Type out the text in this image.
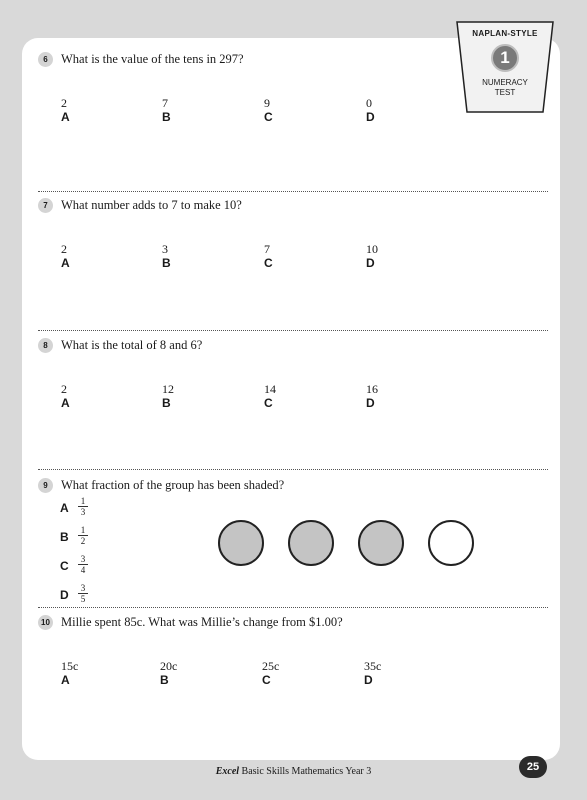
NAPLAN-STYLE
1
NUMERACY
TEST
6	What is the value of the tens in 297?
2
A
7
B
9
C
0
D
7	What number adds to 7 to make 10?
2
A
3
B
7
C
10
D
8	What is the total of 8 and 6?
2
A
12
B
14
C
16
D
9	What fraction of the group has been shaded?
A $\frac{1}{3}$
B $\frac{1}{2}$
C $\frac{3}{4}$
D $\frac{3}{5}$
10 Millie spent 85c. What was Millie’s change from $1.00?
15c
A
20c
B
25c
C
35c
D
Excel Basic Skills Mathematics Year 3	25
